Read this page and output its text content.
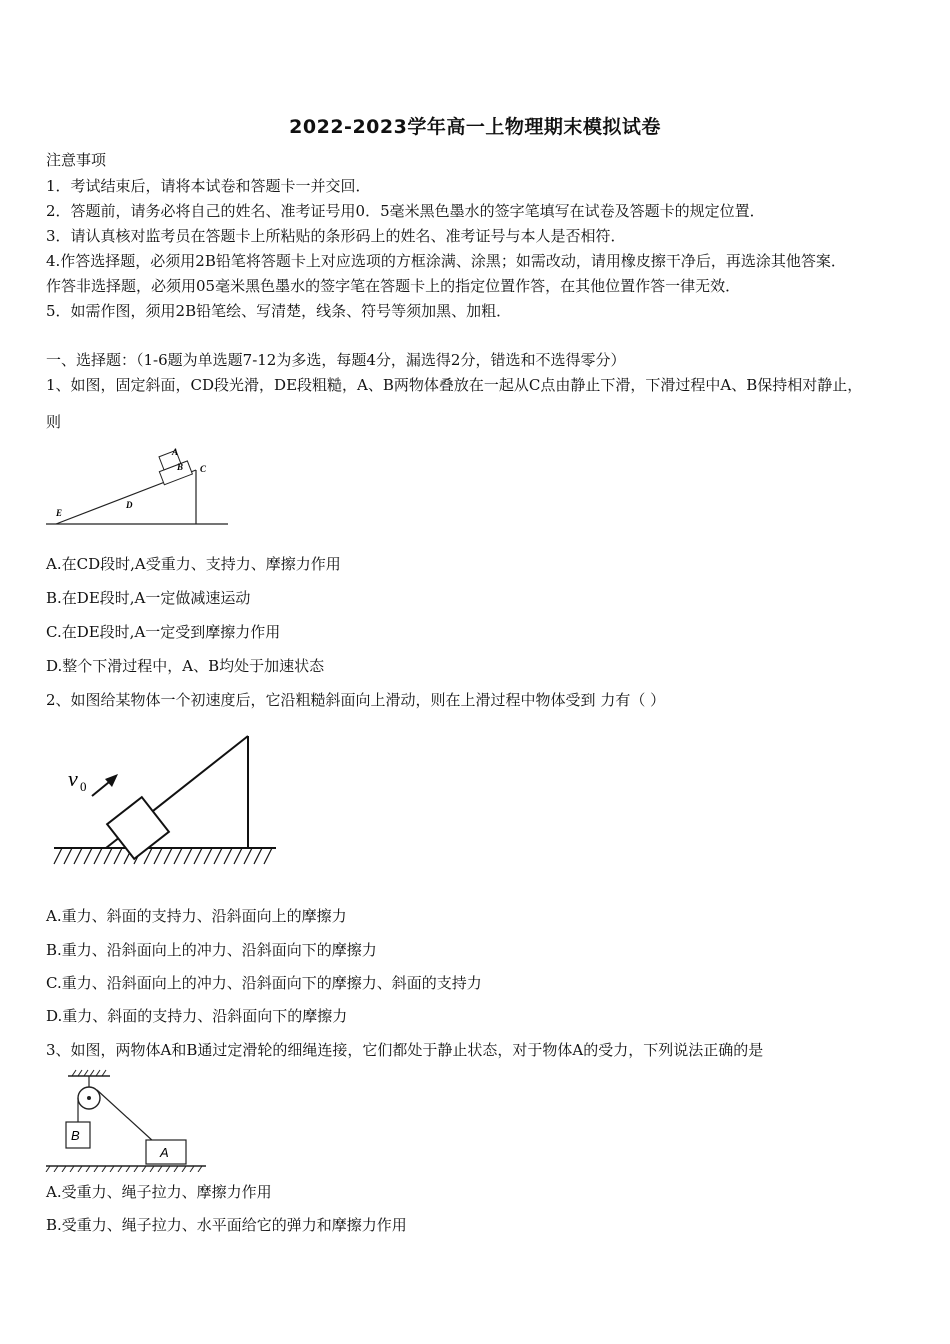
2022-2023学年高一上物理期末模拟试卷
注意事项
1．考试结束后，请将本试卷和答题卡一并交回．
2．答题前，请务必将自己的姓名、准考证号用0．5毫米黑色墨水的签字笔填写在试卷及答题卡的规定位置．
3．请认真核对监考员在答题卡上所粘贴的条形码上的姓名、准考证号与本人是否相符．
4.作答选择题，必须用2B铅笔将答题卡上对应选项的方框涂满、涂黑；如需改动，请用橡皮擦干净后，再选涂其他答案．
作答非选择题，必须用05毫米黑色墨水的签字笔在答题卡上的指定位置作答，在其他位置作答一律无效．
5．如需作图，须用2B铅笔绘、写清楚，线条、符号等须加黑、加粗．
一、选择题：（1-6题为单选题7-12为多选，每题4分，漏选得2分，错选和不选得零分）
1、如图，固定斜面，CD段光滑，DE段粗糙，A、B两物体叠放在一起从C点由静止下滑，下滑过程中A、B保持相对静止，
则
A
B C
D
E
A.在CD段时,A受重力、支持力、摩擦力作用
B.在DE段时,A一定做减速运动
C.在DE段时,A一定受到摩擦力作用
D.整个下滑过程中，A、B均处于加速状态
2、如图给某物体一个初速度后，它沿粗糙斜面向上滑动，则在上滑过程中物体受到 力有（ ）
v 0
A.重力、斜面的支持力、沿斜面向上的摩擦力
B.重力、沿斜面向上的冲力、沿斜面向下的摩擦力
C.重力、沿斜面向上的冲力、沿斜面向下的摩擦力、斜面的支持力
D.重力、斜面的支持力、沿斜面向下的摩擦力
3、如图，两物体A和B通过定滑轮的细绳连接，它们都处于静止状态，对于物体A的受力，下列说法正确的是
B
A
A.受重力、绳子拉力、摩擦力作用
B.受重力、绳子拉力、水平面给它的弹力和摩擦力作用
